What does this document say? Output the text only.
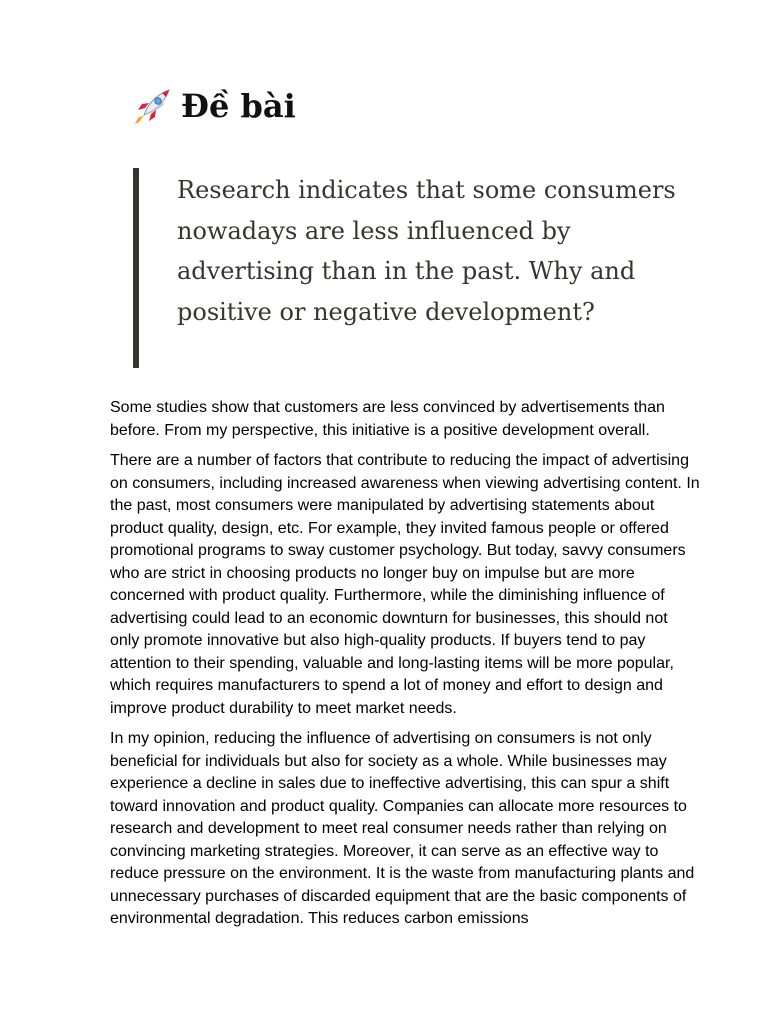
Đề bài
Research indicates that some consumers nowadays are less influenced by advertising than in the past. Why and positive or negative development?

Some studies show that customers are less convinced by advertisements than before. From my perspective, this initiative is a positive development overall.

There are a number of factors that contribute to reducing the impact of advertising on consumers, including increased awareness when viewing advertising content. In the past, most consumers were manipulated by advertising statements about product quality, design, etc. For example, they invited famous people or offered promotional programs to sway customer psychology. But today, savvy consumers who are strict in choosing products no longer buy on impulse but are more concerned with product quality. Furthermore, while the diminishing influence of advertising could lead to an economic downturn for businesses, this should not only promote innovative but also high-quality products. If buyers tend to pay attention to their spending, valuable and long-lasting items will be more popular, which requires manufacturers to spend a lot of money and effort to design and improve product durability to meet market needs.

In my opinion, reducing the influence of advertising on consumers is not only beneficial for individuals but also for society as a whole. While businesses may experience a decline in sales due to ineffective advertising, this can spur a shift toward innovation and product quality. Companies can allocate more resources to research and development to meet real consumer needs rather than relying on convincing marketing strategies. Moreover, it can serve as an effective way to reduce pressure on the environment. It is the waste from manufacturing plants and unnecessary purchases of discarded equipment that are the basic components of environmental degradation. This reduces carbon emissions
